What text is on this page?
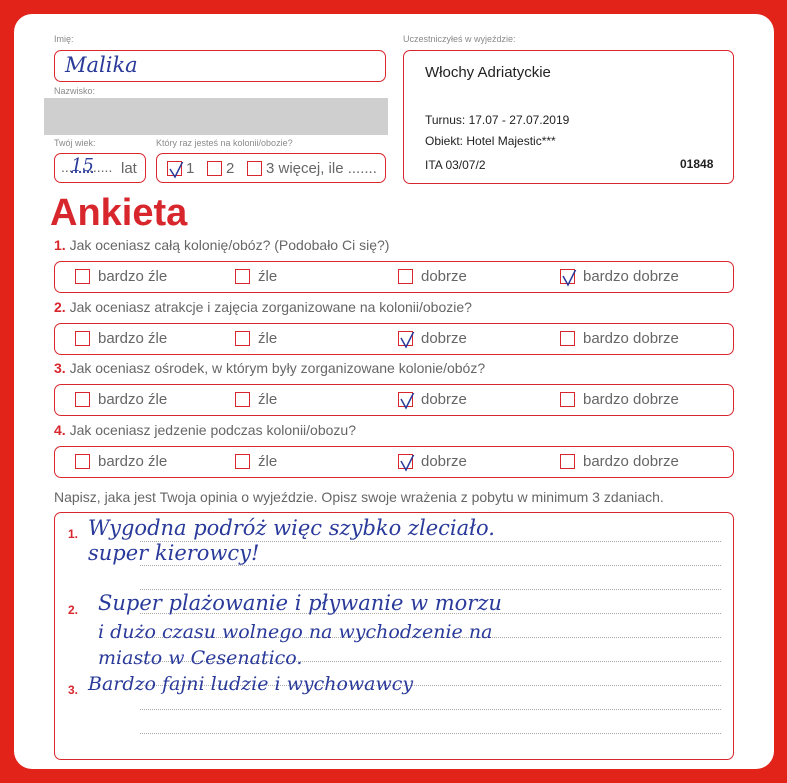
Imię:
Malika
Nazwisko:
Twój wiek:
...
15
...... lat
Który raz jesteś na kolonii/obozie?
1 2 3 więcej, ile .......
Uczestniczyłeś w wyjeździe:
Włochy Adriatyckie
Turnus: 17.07 - 27.07.2019
Obiekt: Hotel Majestic***
ITA 03/07/2	01848
Ankieta
1. Jak oceniasz całą kolonię/obóz? (Podobało Ci się?)
bardzo źle	źle	dobrze	bardzo dobrze
2. Jak oceniasz atrakcje i zajęcia zorganizowane na kolonii/obozie?
bardzo źle	źle	dobrze	bardzo dobrze
3. Jak oceniasz ośrodek, w którym były zorganizowane kolonie/obóz?
bardzo źle	źle	dobrze	bardzo dobrze
4. Jak oceniasz jedzenie podczas kolonii/obozu?
bardzo źle	źle	dobrze	bardzo dobrze
Napisz, jaka jest Twoja opinia o wyjeździe. Opisz swoje wrażenia z pobytu w minimum 3 zdaniach.
1. Wygodna podróż więc szybko zleciało.
super kierowcy!
2. Super plażowanie i pływanie w morzu
i dużo czasu wolnego na wychodzenie na
miasto w Cesenatico.
3. Bardzo fajni ludzie i wychowawcy
